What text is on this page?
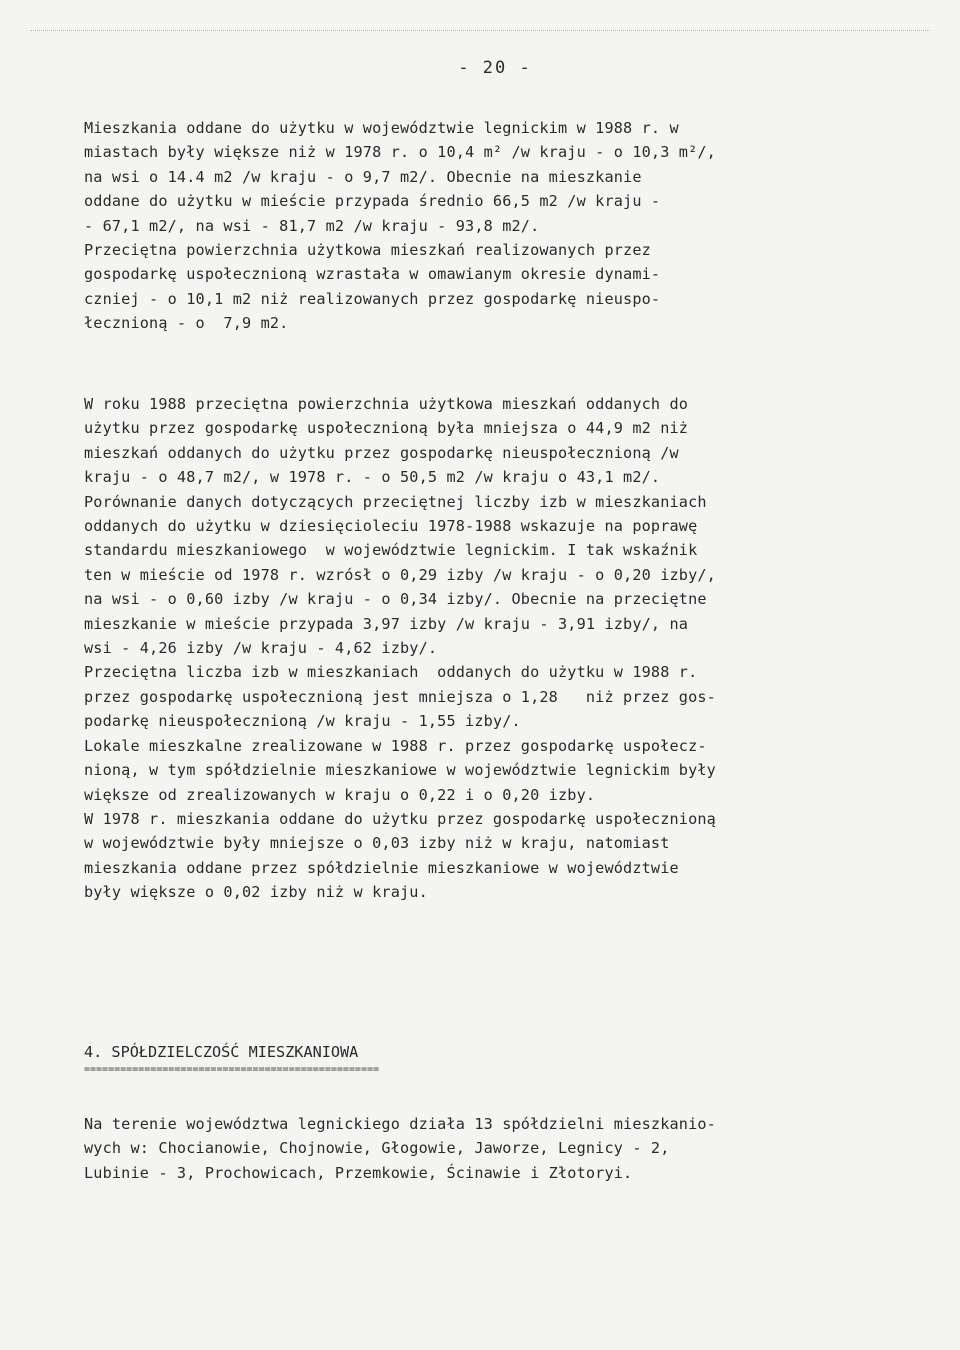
- 20 -
Mieszkania oddane do użytku w województwie legnickim w 1988 r. w
miastach były większe niż w 1978 r. o 10,4 m² /w kraju - o 10,3 m²/,
na wsi o 14.4 m2 /w kraju - o 9,7 m2/. Obecnie na mieszkanie
oddane do użytku w mieście przypada średnio 66,5 m2 /w kraju -
- 67,1 m2/, na wsi - 81,7 m2 /w kraju - 93,8 m2/.
Przeciętna powierzchnia użytkowa mieszkań realizowanych przez
gospodarkę uspołecznioną wzrastała w omawianym okresie dynami-
czniej - o 10,1 m2 niż realizowanych przez gospodarkę nieuspo-
łecznioną - o  7,9 m2.
W roku 1988 przeciętna powierzchnia użytkowa mieszkań oddanych do
użytku przez gospodarkę uspołecznioną była mniejsza o 44,9 m2 niż
mieszkań oddanych do użytku przez gospodarkę nieuspołecznioną /w
kraju - o 48,7 m2/, w 1978 r. - o 50,5 m2 /w kraju o 43,1 m2/.
Porównanie danych dotyczących przeciętnej liczby izb w mieszkaniach
oddanych do użytku w dziesięcioleciu 1978-1988 wskazuje na poprawę
standardu mieszkaniowego  w województwie legnickim. I tak wskaźnik
ten w mieście od 1978 r. wzrósł o 0,29 izby /w kraju - o 0,20 izby/,
na wsi - o 0,60 izby /w kraju - o 0,34 izby/. Obecnie na przeciętne
mieszkanie w mieście przypada 3,97 izby /w kraju - 3,91 izby/, na
wsi - 4,26 izby /w kraju - 4,62 izby/.
Przeciętna liczba izb w mieszkaniach  oddanych do użytku w 1988 r.
przez gospodarkę uspołecznioną jest mniejsza o 1,28   niż przez gos-
podarkę nieuspołecznioną /w kraju - 1,55 izby/.
Lokale mieszkalne zrealizowane w 1988 r. przez gospodarkę uspołecz-
nioną, w tym spółdzielnie mieszkaniowe w województwie legnickim były
większe od zrealizowanych w kraju o 0,22 i o 0,20 izby.
W 1978 r. mieszkania oddane do użytku przez gospodarkę uspołecznioną
w województwie były mniejsze o 0,03 izby niż w kraju, natomiast
mieszkania oddane przez spółdzielnie mieszkaniowe w województwie
były większe o 0,02 izby niż w kraju.
4. SPÓŁDZIELCZOŚĆ MIESZKANIOWA
=================================================
Na terenie województwa legnickiego działa 13 spółdzielni mieszkanio-
wych w: Chocianowie, Chojnowie, Głogowie, Jaworze, Legnicy - 2,
Lubinie - 3, Prochowicach, Przemkowie, Ścinawie i Złotoryi.
